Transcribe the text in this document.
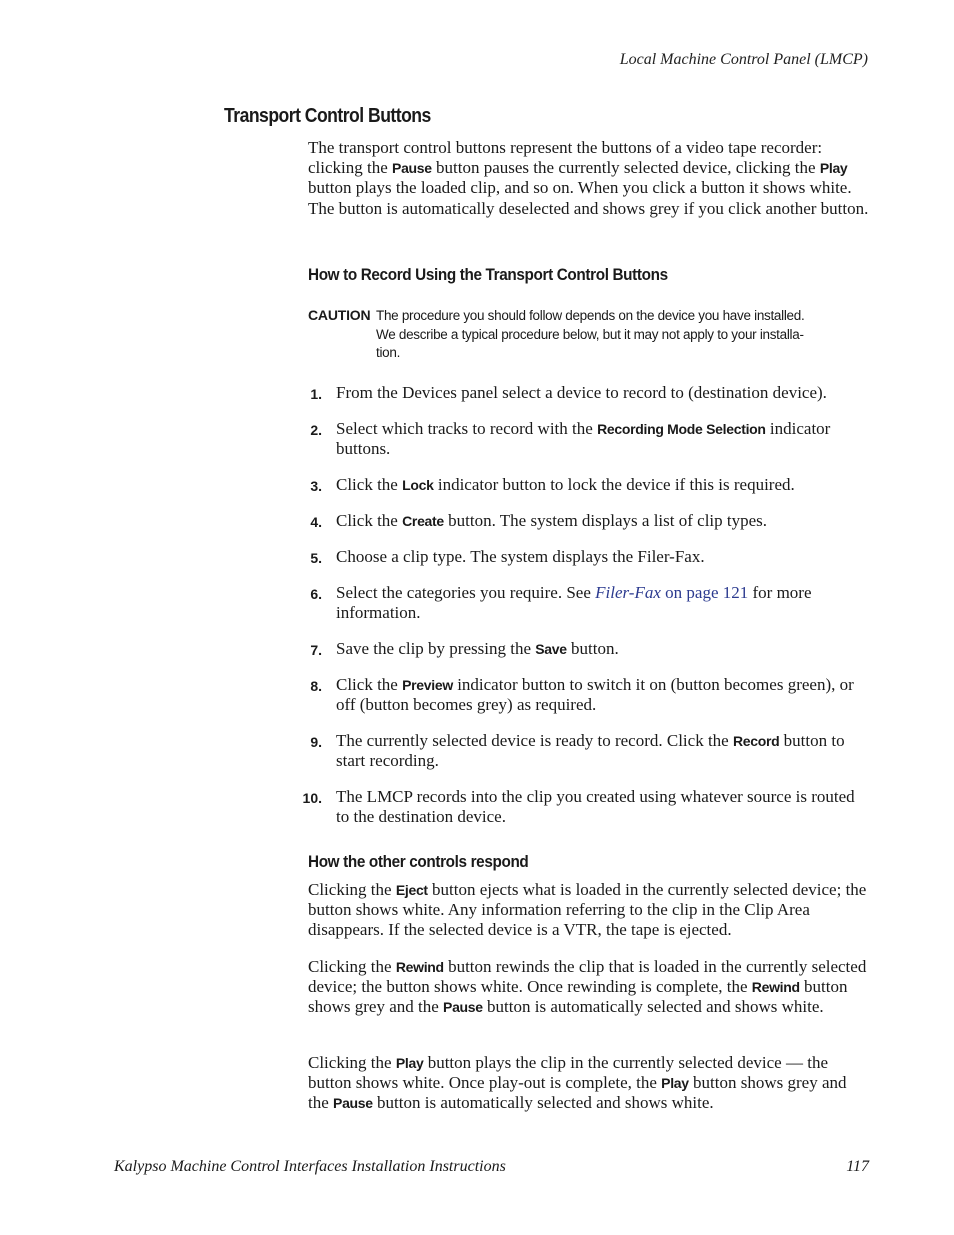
Local Machine Control Panel (LMCP)
Transport Control Buttons

The transport control buttons represent the buttons of a video tape recorder: clicking the Pause button pauses the currently selected device, clicking the Play button plays the loaded clip, and so on. When you click a button it shows white. The button is automatically deselected and shows grey if you click another button.

How to Record Using the Transport Control Buttons
CAUTION The procedure you should follow depends on the device you have installed.
We describe a typical procedure below, but it may not apply to your installa-
tion.
1. From the Devices panel select a device to record to (destination device).
2. Select which tracks to record with the Recording Mode Selection indicator buttons.
3. Click the Lock indicator button to lock the device if this is required.
4. Click the Create button. The system displays a list of clip types.
5. Choose a clip type. The system displays the Filer-Fax.
6. Select the categories you require. See Filer-Fax on page 121 for more information.
7. Save the clip by pressing the Save button.
8. Click the Preview indicator button to switch it on (button becomes green), or off (button becomes grey) as required.
9. The currently selected device is ready to record. Click the Record button to start recording.
10. The LMCP records into the clip you created using whatever source is routed to the destination device.
How the other controls respond

Clicking the Eject button ejects what is loaded in the currently selected device; the button shows white. Any information referring to the clip in the Clip Area disappears. If the selected device is a VTR, the tape is ejected.

Clicking the Rewind button rewinds the clip that is loaded in the currently selected device; the button shows white. Once rewinding is complete, the Rewind button shows grey and the Pause button is automatically selected and shows white.

Clicking the Play button plays the clip in the currently selected device — the button shows white. Once play-out is complete, the Play button shows grey and the Pause button is automatically selected and shows white.

Kalypso Machine Control Interfaces Installation Instructions	117
